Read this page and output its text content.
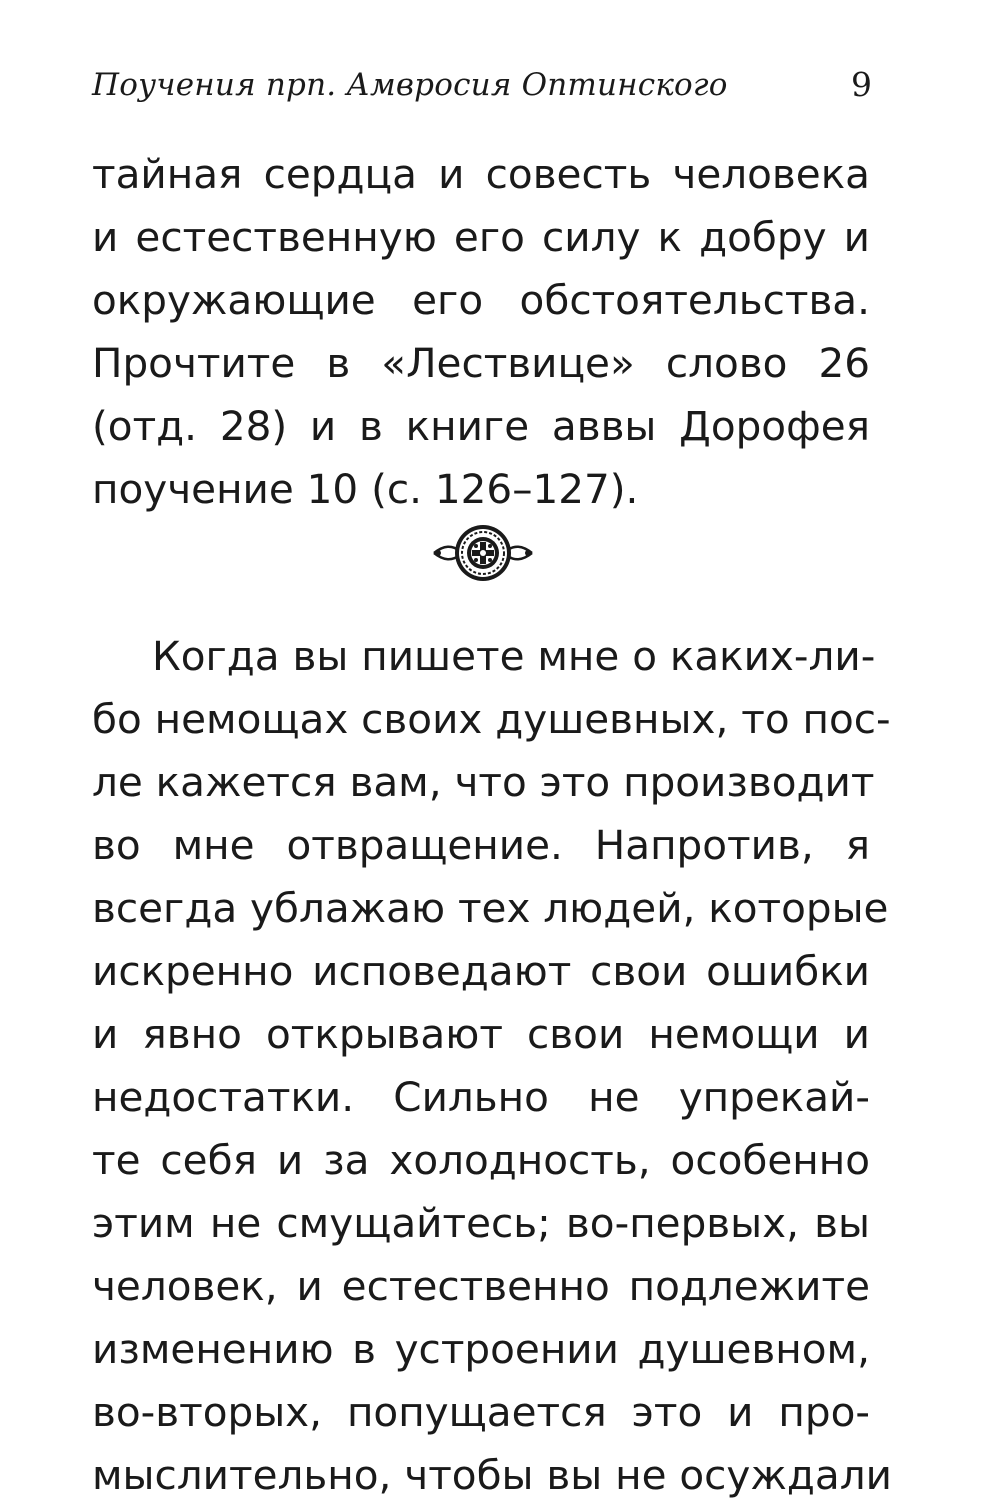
Поучения прп. Амвросия Оптинского	9
тайная сердца и совесть человека
и естественную его силу к добру и
окружающие его обстоятельства.
Прочтите в «Лествице» слово 26
(отд. 28) и в книге аввы Дорофея
поучение 10 (с. 126–127).
Когда вы пишете мне о каких-ли-
бо немощах своих душевных, то пос-
ле кажется вам, что это производит
во мне отвращение. Напротив, я
всегда ублажаю тех людей, которые
искренно исповедают свои ошибки
и явно открывают свои немощи и
недостатки. Сильно не упрекай-
те себя и за холодность, особенно
этим не смущайтесь; во-первых, вы
человек, и естественно подлежите
изменению в устроении душевном,
во-вторых, попущается это и про-
мыслительно, чтобы вы не осуждали
